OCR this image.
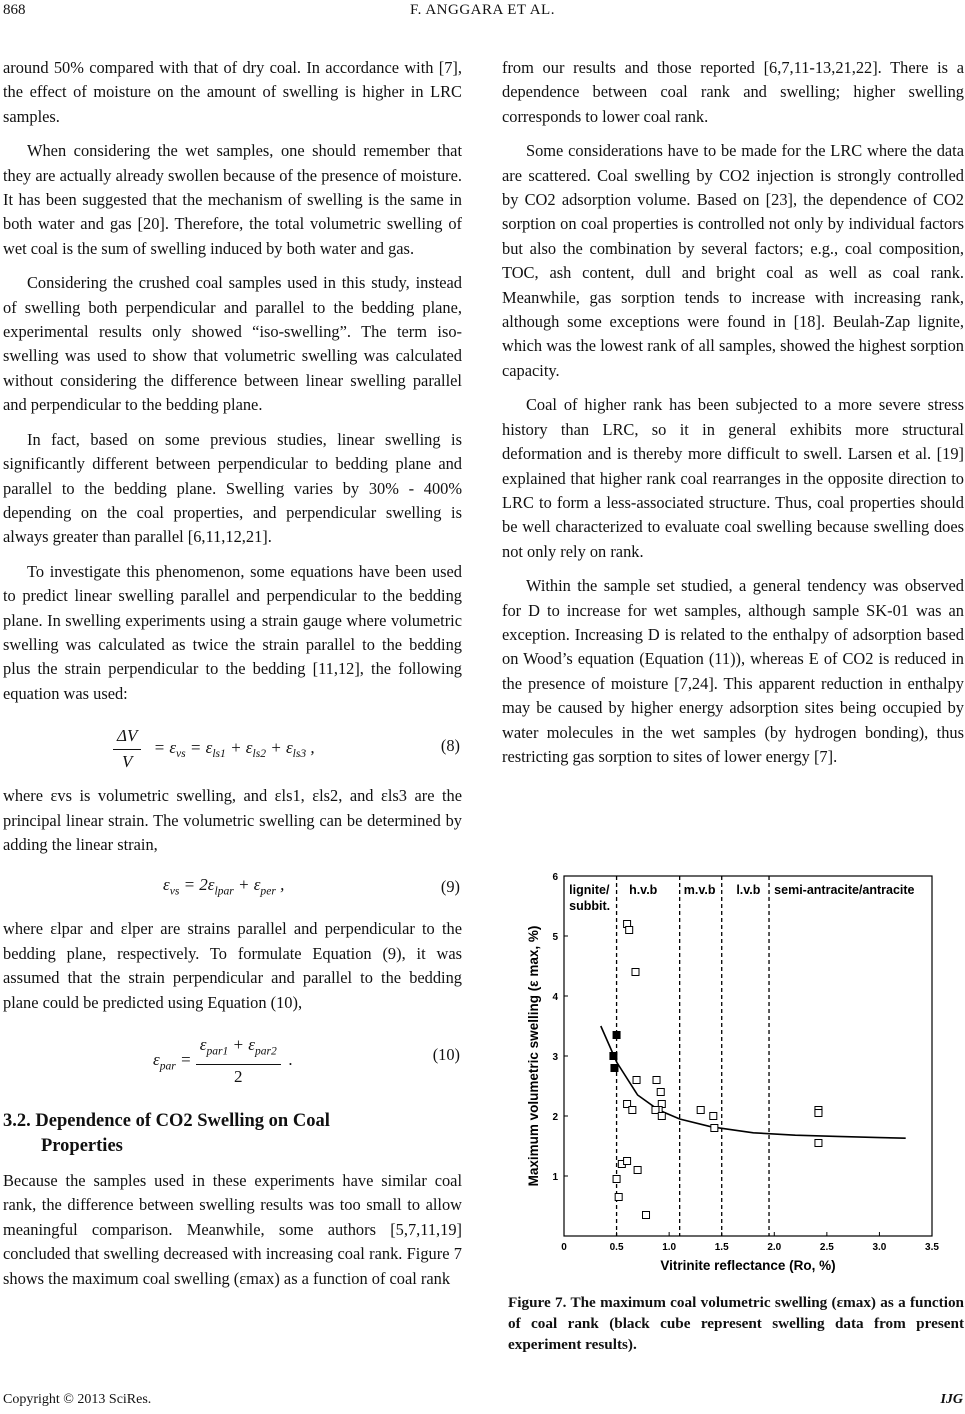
868	F. ANGGARA ET AL.

around 50% compared with that of dry coal. In accordance with [7], the effect of moisture on the amount of swelling is higher in LRC samples.

When considering the wet samples, one should remember that they are actually already swollen because of the presence of moisture. It has been suggested that the mechanism of swelling is the same in both water and gas [20]. Therefore, the total volumetric swelling of wet coal is the sum of swelling induced by both water and gas.

Considering the crushed coal samples used in this study, instead of swelling both perpendicular and parallel to the bedding plane, experimental results only showed “iso-swelling”. The term iso-swelling was used to show that volumetric swelling was calculated without considering the difference between linear swelling parallel and perpendicular to the bedding plane.

In fact, based on some previous studies, linear swelling is significantly different between perpendicular to bedding plane and parallel to the bedding plane. Swelling varies by 30% - 400% depending on the coal properties, and perpendicular swelling is always greater than parallel [6,11,12,21].

To investigate this phenomenon, some equations have been used to predict linear swelling parallel and perpendicular to the bedding plane. In swelling experiments using a strain gauge where volumetric swelling was calculated as twice the strain parallel to the bedding plus the strain perpendicular to the bedding [11,12], the following equation was used:

$\frac{\Delta V}{V} = \varepsilon_{vs} = \varepsilon_{ls1} + \varepsilon_{ls2} + \varepsilon_{ls3}$ ,	(8)

where εvs is volumetric swelling, and εls1, εls2, and εls3 are the principal linear strain. The volumetric swelling can be determined by adding the linear strain,

$\varepsilon_{vs} = 2\varepsilon_{lpar} + \varepsilon_{per}$ ,	(9)

where εlpar and εlper are strains parallel and perpendicular to the bedding plane, respectively. To formulate Equation (9), it was assumed that the strain perpendicular and parallel to the bedding plane could be predicted using Equation (10),

$\varepsilon_{par} = \frac{\varepsilon_{par1} + \varepsilon_{par2}}{2}$ .	(10)
3.2. Dependence of CO2 Swelling on Coal
Properties

Because the samples used in these experiments have similar coal rank, the difference between swelling results was too small to allow meaningful comparison. Meanwhile, some authors [5,7,11,19] concluded that swelling decreased with increasing coal rank. Figure 7 shows the maximum coal swelling (εmax) as a function of coal rank

from our results and those reported [6,7,11-13,21,22]. There is a dependence between coal rank and swelling; higher swelling corresponds to lower coal rank.

Some considerations have to be made for the LRC where the data are scattered. Coal swelling by CO2 injection is strongly controlled by CO2 adsorption volume. Based on [23], the dependence of CO2 sorption on coal properties is controlled not only by individual factors but also the combination by several factors; e.g., coal composition, TOC, ash content, dull and bright coal as well as coal rank. Meanwhile, gas sorption tends to increase with increasing rank, although some exceptions were found in [18]. Beulah-Zap lignite, which was the lowest rank of all samples, showed the highest sorption capacity.

Coal of higher rank has been subjected to a more severe stress history than LRC, so it in general exhibits more structural deformation and is thereby more difficult to swell. Larsen et al. [19] explained that higher rank coal rearranges in the opposite direction to LRC to form a less-associated structure. Thus, coal properties should be well characterized to evaluate coal swelling because swelling does not only rely on rank.

Within the sample set studied, a general tendency was observed for D to increase for wet samples, although sample SK-01 was an exception. Increasing D is related to the enthalpy of adsorption based on Wood’s equation (Equation (11)), whereas E of CO2 is reduced in the presence of moisture [7,24]. This apparent reduction in enthalpy may be caused by higher energy adsorption sites being occupied by water molecules in the wet samples (by hydrogen bonding), thus restricting gas sorption to sites of lower energy [7].

lignite/
subbit.
h.v.b m.v.b l.v.b semi-antracite/antracite
0	0.5	1.0	1.5	2.0	2.5	3.0	3.5
1
2
3
4
5
6
Vitrinite reflectance (Ro, %)
Maximum volumetric swelling (ε max, %)
Figure 7. The maximum coal volumetric swelling (εmax) as a function of coal rank (black cube represent swelling data from present experiment results).
Copyright © 2013 SciRes.	IJG
